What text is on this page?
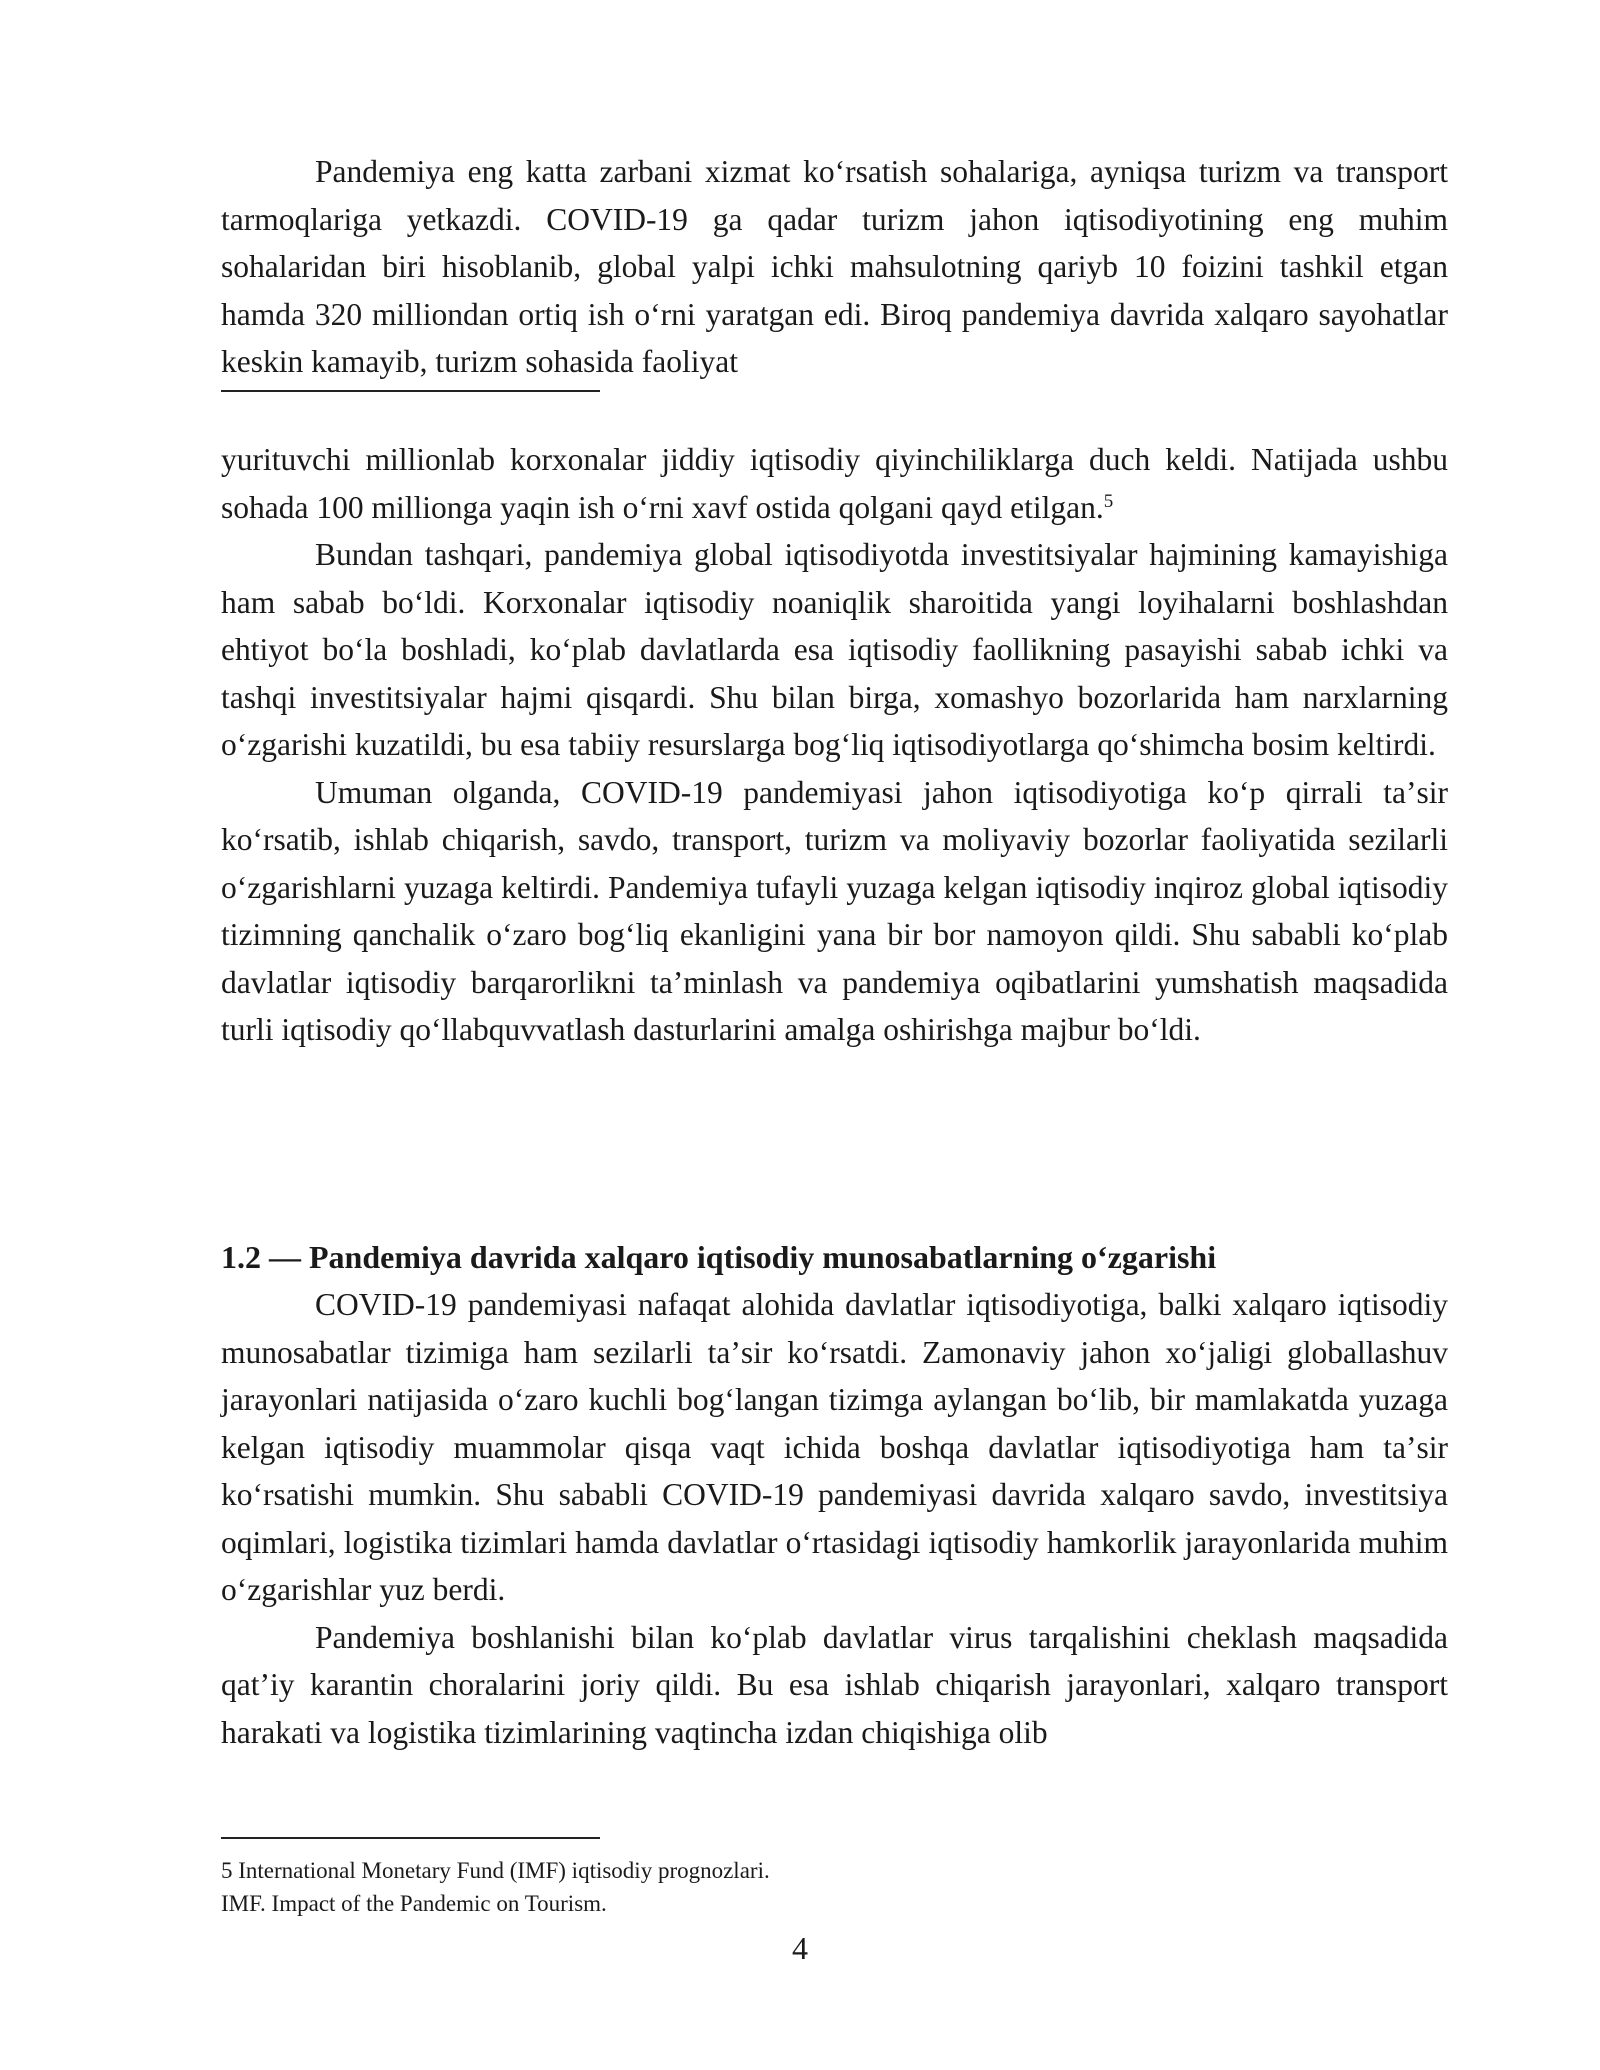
Pandemiya eng katta zarbani xizmat koʻrsatish sohalariga, ayniqsa turizm va transport tarmoqlariga yetkazdi. COVID-19 ga qadar turizm jahon iqtisodiyotining eng muhim sohalaridan biri hisoblanib, global yalpi ichki mahsulotning qariyb 10 foizini tashkil etgan hamda 320 milliondan ortiq ish oʻrni yaratgan edi. Biroq pandemiya davrida xalqaro sayohatlar keskin kamayib, turizm sohasida faoliyat

yurituvchi millionlab korxonalar jiddiy iqtisodiy qiyinchiliklarga duch keldi. Natijada ushbu sohada 100 millionga yaqin ish oʻrni xavf ostida qolgani qayd etilgan.$^5$

Bundan tashqari, pandemiya global iqtisodiyotda investitsiyalar hajmining kamayishiga ham sabab boʻldi. Korxonalar iqtisodiy noaniqlik sharoitida yangi loyihalarni boshlashdan ehtiyot boʻla boshladi, koʻplab davlatlarda esa iqtisodiy faollikning pasayishi sabab ichki va tashqi investitsiyalar hajmi qisqardi. Shu bilan birga, xomashyo bozorlarida ham narxlarning oʻzgarishi kuzatildi, bu esa tabiiy resurslarga bogʻliq iqtisodiyotlarga qoʻshimcha bosim keltirdi.

Umuman olganda, COVID-19 pandemiyasi jahon iqtisodiyotiga koʻp qirrali taʼsir koʻrsatib, ishlab chiqarish, savdo, transport, turizm va moliyaviy bozorlar faoliyatida sezilarli oʻzgarishlarni yuzaga keltirdi. Pandemiya tufayli yuzaga kelgan iqtisodiy inqiroz global iqtisodiy tizimning qanchalik oʻzaro bogʻliq ekanligini yana bir bor namoyon qildi. Shu sababli koʻplab davlatlar iqtisodiy barqarorlikni taʼminlash va pandemiya oqibatlarini yumshatish maqsadida turli iqtisodiy qoʻllabquvvatlash dasturlarini amalga oshirishga majbur boʻldi.

1.2 — Pandemiya davrida xalqaro iqtisodiy munosabatlarning oʻzgarishi

COVID-19 pandemiyasi nafaqat alohida davlatlar iqtisodiyotiga, balki xalqaro iqtisodiy munosabatlar tizimiga ham sezilarli taʼsir koʻrsatdi. Zamonaviy jahon xoʻjaligi globallashuv jarayonlari natijasida oʻzaro kuchli bogʻlangan tizimga aylangan boʻlib, bir mamlakatda yuzaga kelgan iqtisodiy muammolar qisqa vaqt ichida boshqa davlatlar iqtisodiyotiga ham taʼsir koʻrsatishi mumkin. Shu sababli COVID-19 pandemiyasi davrida xalqaro savdo, investitsiya oqimlari, logistika tizimlari hamda davlatlar oʻrtasidagi iqtisodiy hamkorlik jarayonlarida muhim oʻzgarishlar yuz berdi.

Pandemiya boshlanishi bilan koʻplab davlatlar virus tarqalishini cheklash maqsadida qatʼiy karantin choralarini joriy qildi. Bu esa ishlab chiqarish jarayonlari, xalqaro transport harakati va logistika tizimlarining vaqtincha izdan chiqishiga olib

5 International Monetary Fund (IMF) iqtisodiy prognozlari.

IMF. Impact of the Pandemic on Tourism.

4
